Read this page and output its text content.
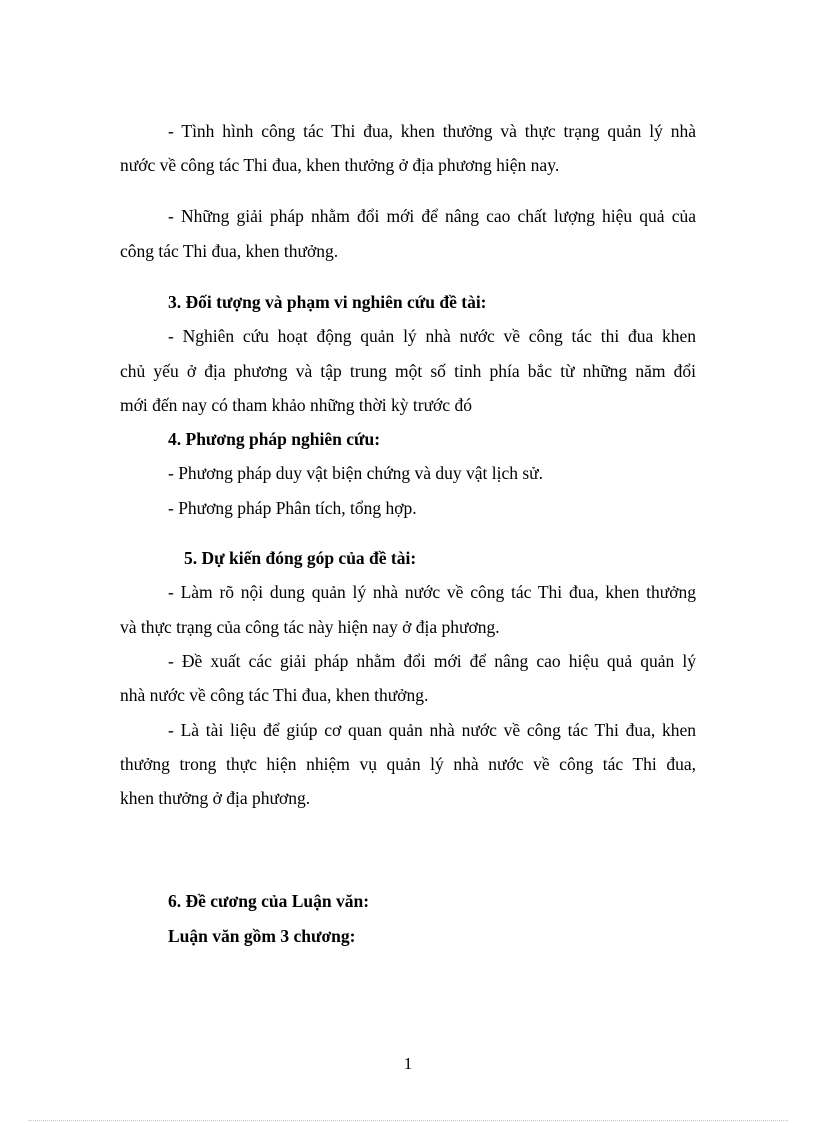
- Tình hình công tác Thi đua, khen thưởng và thực trạng quản lý nhà
nước về công tác Thi đua, khen thưởng ở địa phương hiện nay.
- Những giải pháp nhằm đổi mới để nâng cao chất lượng hiệu quả của
công tác Thi đua, khen thưởng.
3. Đối tượng và phạm vi nghiên cứu đề tài:
- Nghiên cứu hoạt động quản lý nhà nước về công tác thi đua khen
chủ yếu ở địa phương và tập trung một số tỉnh phía bắc từ những năm đổi
mới đến nay có tham khảo những thời kỳ trước đó
4. Phương pháp nghiên cứu:
- Phương pháp duy vật biện chứng và duy vật lịch sử.
- Phương pháp Phân tích, tổng hợp.
5. Dự kiến đóng góp của đề tài:
- Làm rõ nội dung quản lý nhà nước về công tác Thi đua, khen thưởng
và thực trạng của công tác này hiện nay ở địa phương.
- Đề xuất các giải pháp nhằm đổi mới để nâng cao hiệu quả quản lý
nhà nước về công tác Thi đua, khen thưởng.
- Là tài liệu để giúp cơ quan quản nhà nước về công tác Thi đua, khen
thưởng trong thực hiện nhiệm vụ quản lý nhà nước về công tác Thi đua,
khen thưởng ở địa phương.
6. Đề cương của Luận văn:
Luận văn gồm 3 chương:
1
